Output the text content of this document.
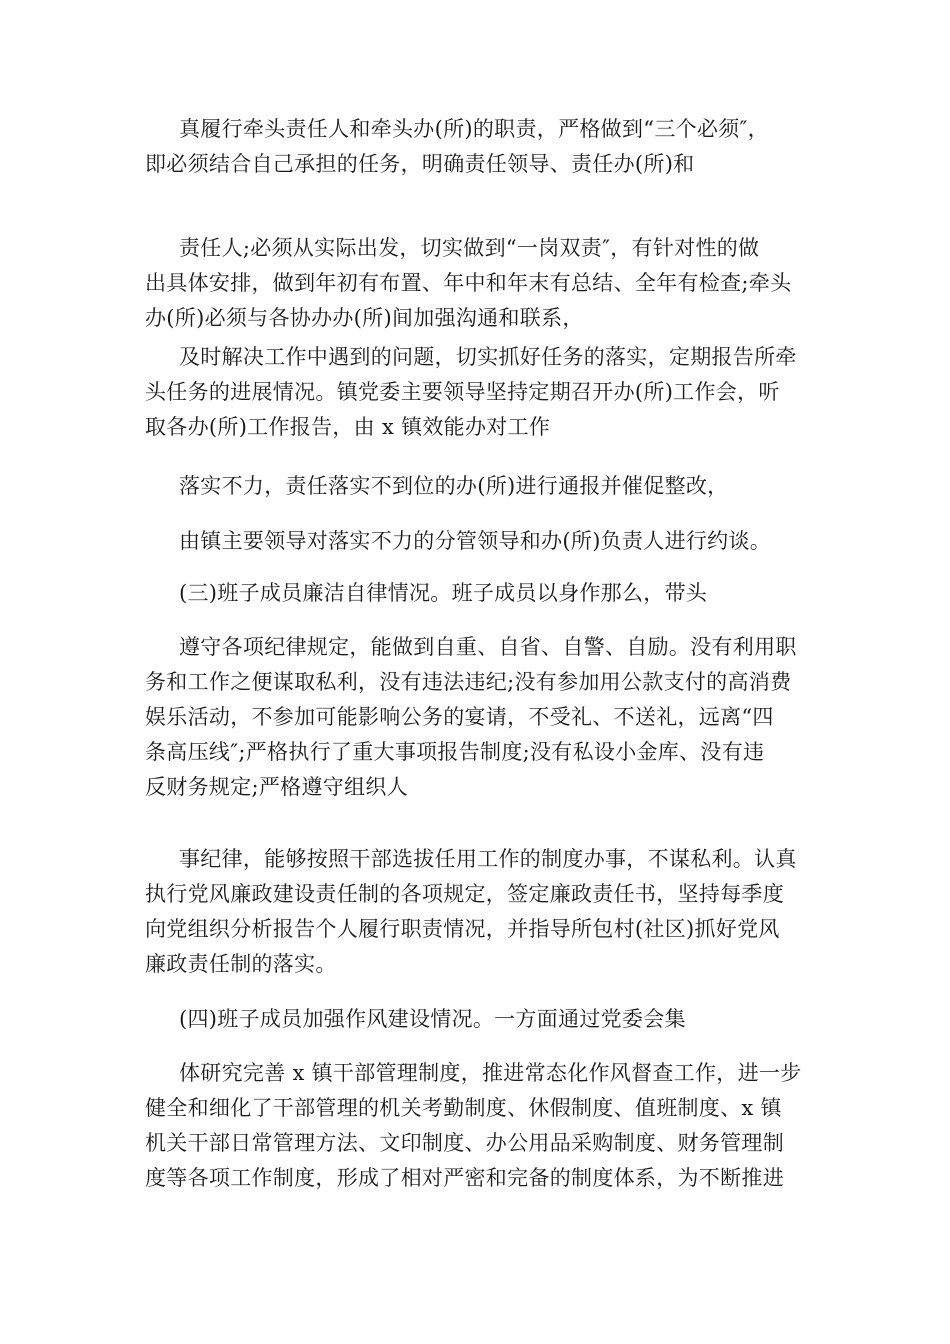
真履行牵头责任人和牵头办(所)的职责，严格做到“三个必须″，

即必须结合自己承担的任务，明确责任领导、责任办(所)和

责任人;必须从实际出发，切实做到“一岗双责″，有针对性的做

出具体安排，做到年初有布置、年中和年末有总结、全年有检查;牵头

办(所)必须与各协办办(所)间加强沟通和联系，

及时解决工作中遇到的问题，切实抓好任务的落实，定期报告所牵

头任务的进展情况。镇党委主要领导坚持定期召开办(所)工作会，听

取各办(所)工作报告，由 x 镇效能办对工作

落实不力，责任落实不到位的办(所)进行通报并催促整改，

由镇主要领导对落实不力的分管领导和办(所)负责人进行约谈。

(三)班子成员廉洁自律情况。班子成员以身作那么，带头

遵守各项纪律规定，能做到自重、自省、自警、自励。没有利用职

务和工作之便谋取私利，没有违法违纪;没有参加用公款支付的高消费

娱乐活动，不参加可能影响公务的宴请，不受礼、不送礼，远离“四

条高压线″;严格执行了重大事项报告制度;没有私设小金库、没有违

反财务规定;严格遵守组织人

事纪律，能够按照干部选拔任用工作的制度办事，不谋私利。认真

执行党风廉政建设责任制的各项规定，签定廉政责任书，坚持每季度

向党组织分析报告个人履行职责情况，并指导所包村(社区)抓好党风

廉政责任制的落实。

(四)班子成员加强作风建设情况。一方面通过党委会集

体研究完善 x 镇干部管理制度，推进常态化作风督查工作，进一步

健全和细化了干部管理的机关考勤制度、休假制度、值班制度、x 镇

机关干部日常管理方法、文印制度、办公用品采购制度、财务管理制

度等各项工作制度，形成了相对严密和完备的制度体系，为不断推进
